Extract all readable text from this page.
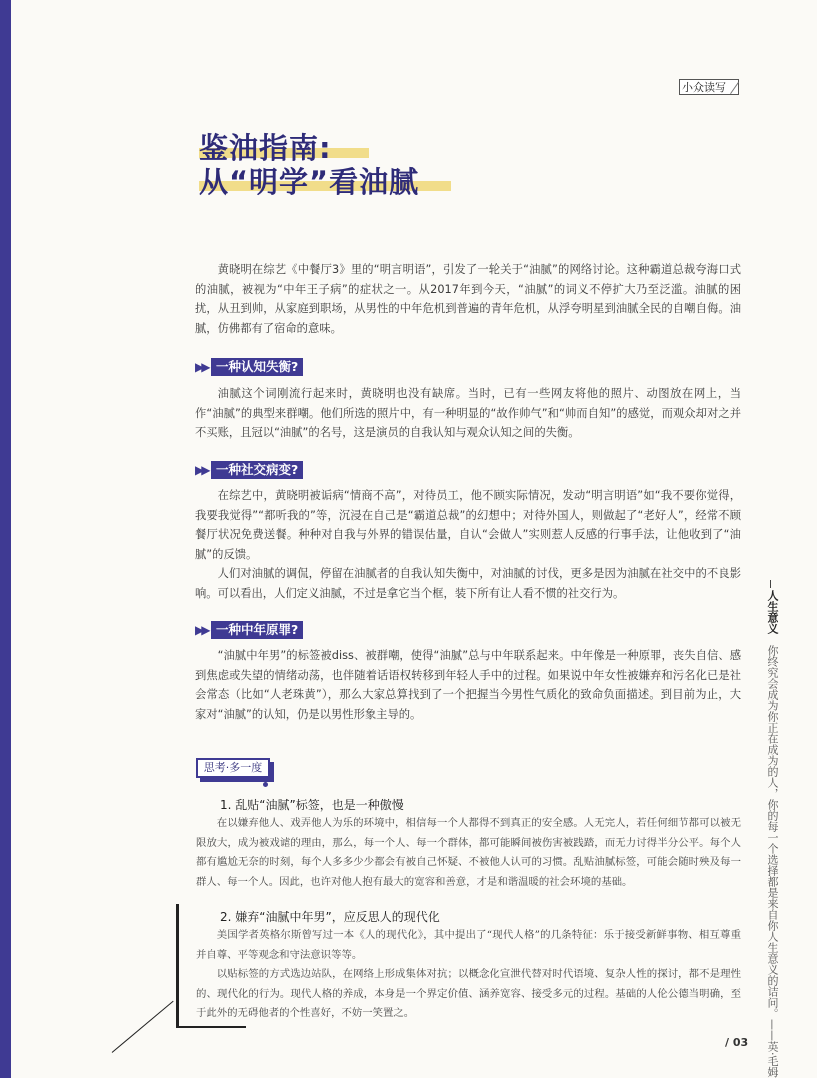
小众读写
鉴油指南:
从“明学”看油腻

黄晓明在综艺《中餐厅3》里的“明言明语”，引发了一轮关于“油腻”的网络讨论。这种霸道总裁夸海口式的油腻，被视为“中年王子病”的症状之一。从2017年到今天，“油腻”的词义不停扩大乃至泛滥。油腻的困扰，从丑到帅，从家庭到职场，从男性的中年危机到普遍的青年危机，从浮夸明星到油腻全民的自嘲自侮。油腻，仿佛都有了宿命的意味。

▶▶ 一种认知失衡?

油腻这个词刚流行起来时，黄晓明也没有缺席。当时，已有一些网友将他的照片、动图放在网上，当作“油腻”的典型来群嘲。他们所选的照片中，有一种明显的“故作帅气”和“帅而自知”的感觉，而观众却对之并不买账，且冠以“油腻”的名号，这是演员的自我认知与观众认知之间的失衡。

▶▶ 一种社交病变?

在综艺中，黄晓明被诟病“情商不高”，对待员工，他不顾实际情况，发动“明言明语”如“我不要你觉得，我要我觉得”“都听我的”等，沉浸在自己是“霸道总裁”的幻想中；对待外国人，则做起了“老好人”，经常不顾餐厅状况免费送餐。种种对自我与外界的错误估量，自认“会做人”实则惹人反感的行事手法，让他收到了“油腻”的反馈。

人们对油腻的调侃，停留在油腻者的自我认知失衡中，对油腻的讨伐，更多是因为油腻在社交中的不良影响。可以看出，人们定义油腻，不过是拿它当个框，装下所有让人看不惯的社交行为。

▶▶ 一种中年原罪?

“油腻中年男”的标签被diss、被群嘲，使得“油腻”总与中年联系起来。中年像是一种原罪，丧失自信、感到焦虑或失望的情绪动荡，也伴随着话语权转移到年轻人手中的过程。如果说中年女性被嫌弃和污名化已是社会常态（比如“人老珠黄”），那么大家总算找到了一个把握当今男性气质化的致命负面描述。到目前为止，大家对“油腻”的认知，仍是以男性形象主导的。

思考·多一度
1. 乱贴“油腻”标签，也是一种傲慢

在以嫌弃他人、戏弄他人为乐的环境中，相信每一个人都得不到真正的安全感。人无完人，若任何细节都可以被无限放大，成为被戏谑的理由，那么，每一个人、每一个群体，都可能瞬间被伤害被践踏，而无力讨得半分公平。每个人都有尴尬无奈的时刻，每个人多多少少都会有被自己怀疑、不被他人认可的习惯。乱贴油腻标签，可能会随时殃及每一群人、每一个人。因此，也许对他人抱有最大的宽容和善意，才是和谐温暖的社会环境的基础。

2. 嫌弃“油腻中年男”，应反思人的现代化

美国学者英格尔斯曾写过一本《人的现代化》，其中提出了“现代人格”的几条特征：乐于接受新鲜事物、相互尊重并自尊、平等观念和守法意识等等。

以贴标签的方式选边站队，在网络上形成集体对抗；以概念化宣泄代替对时代语境、复杂人性的探讨，都不是理性的、现代化的行为。现代人格的养成，本身是一个界定价值、涵养宽容、接受多元的过程。基础的人伦公德当明确，至于此外的无碍他者的个性喜好，不妨一笑置之。

人生意义 你终究会成为你正在成为的人，你的每一个选择都是来自你人生意义的诘问。——英·毛姆
/ 03
